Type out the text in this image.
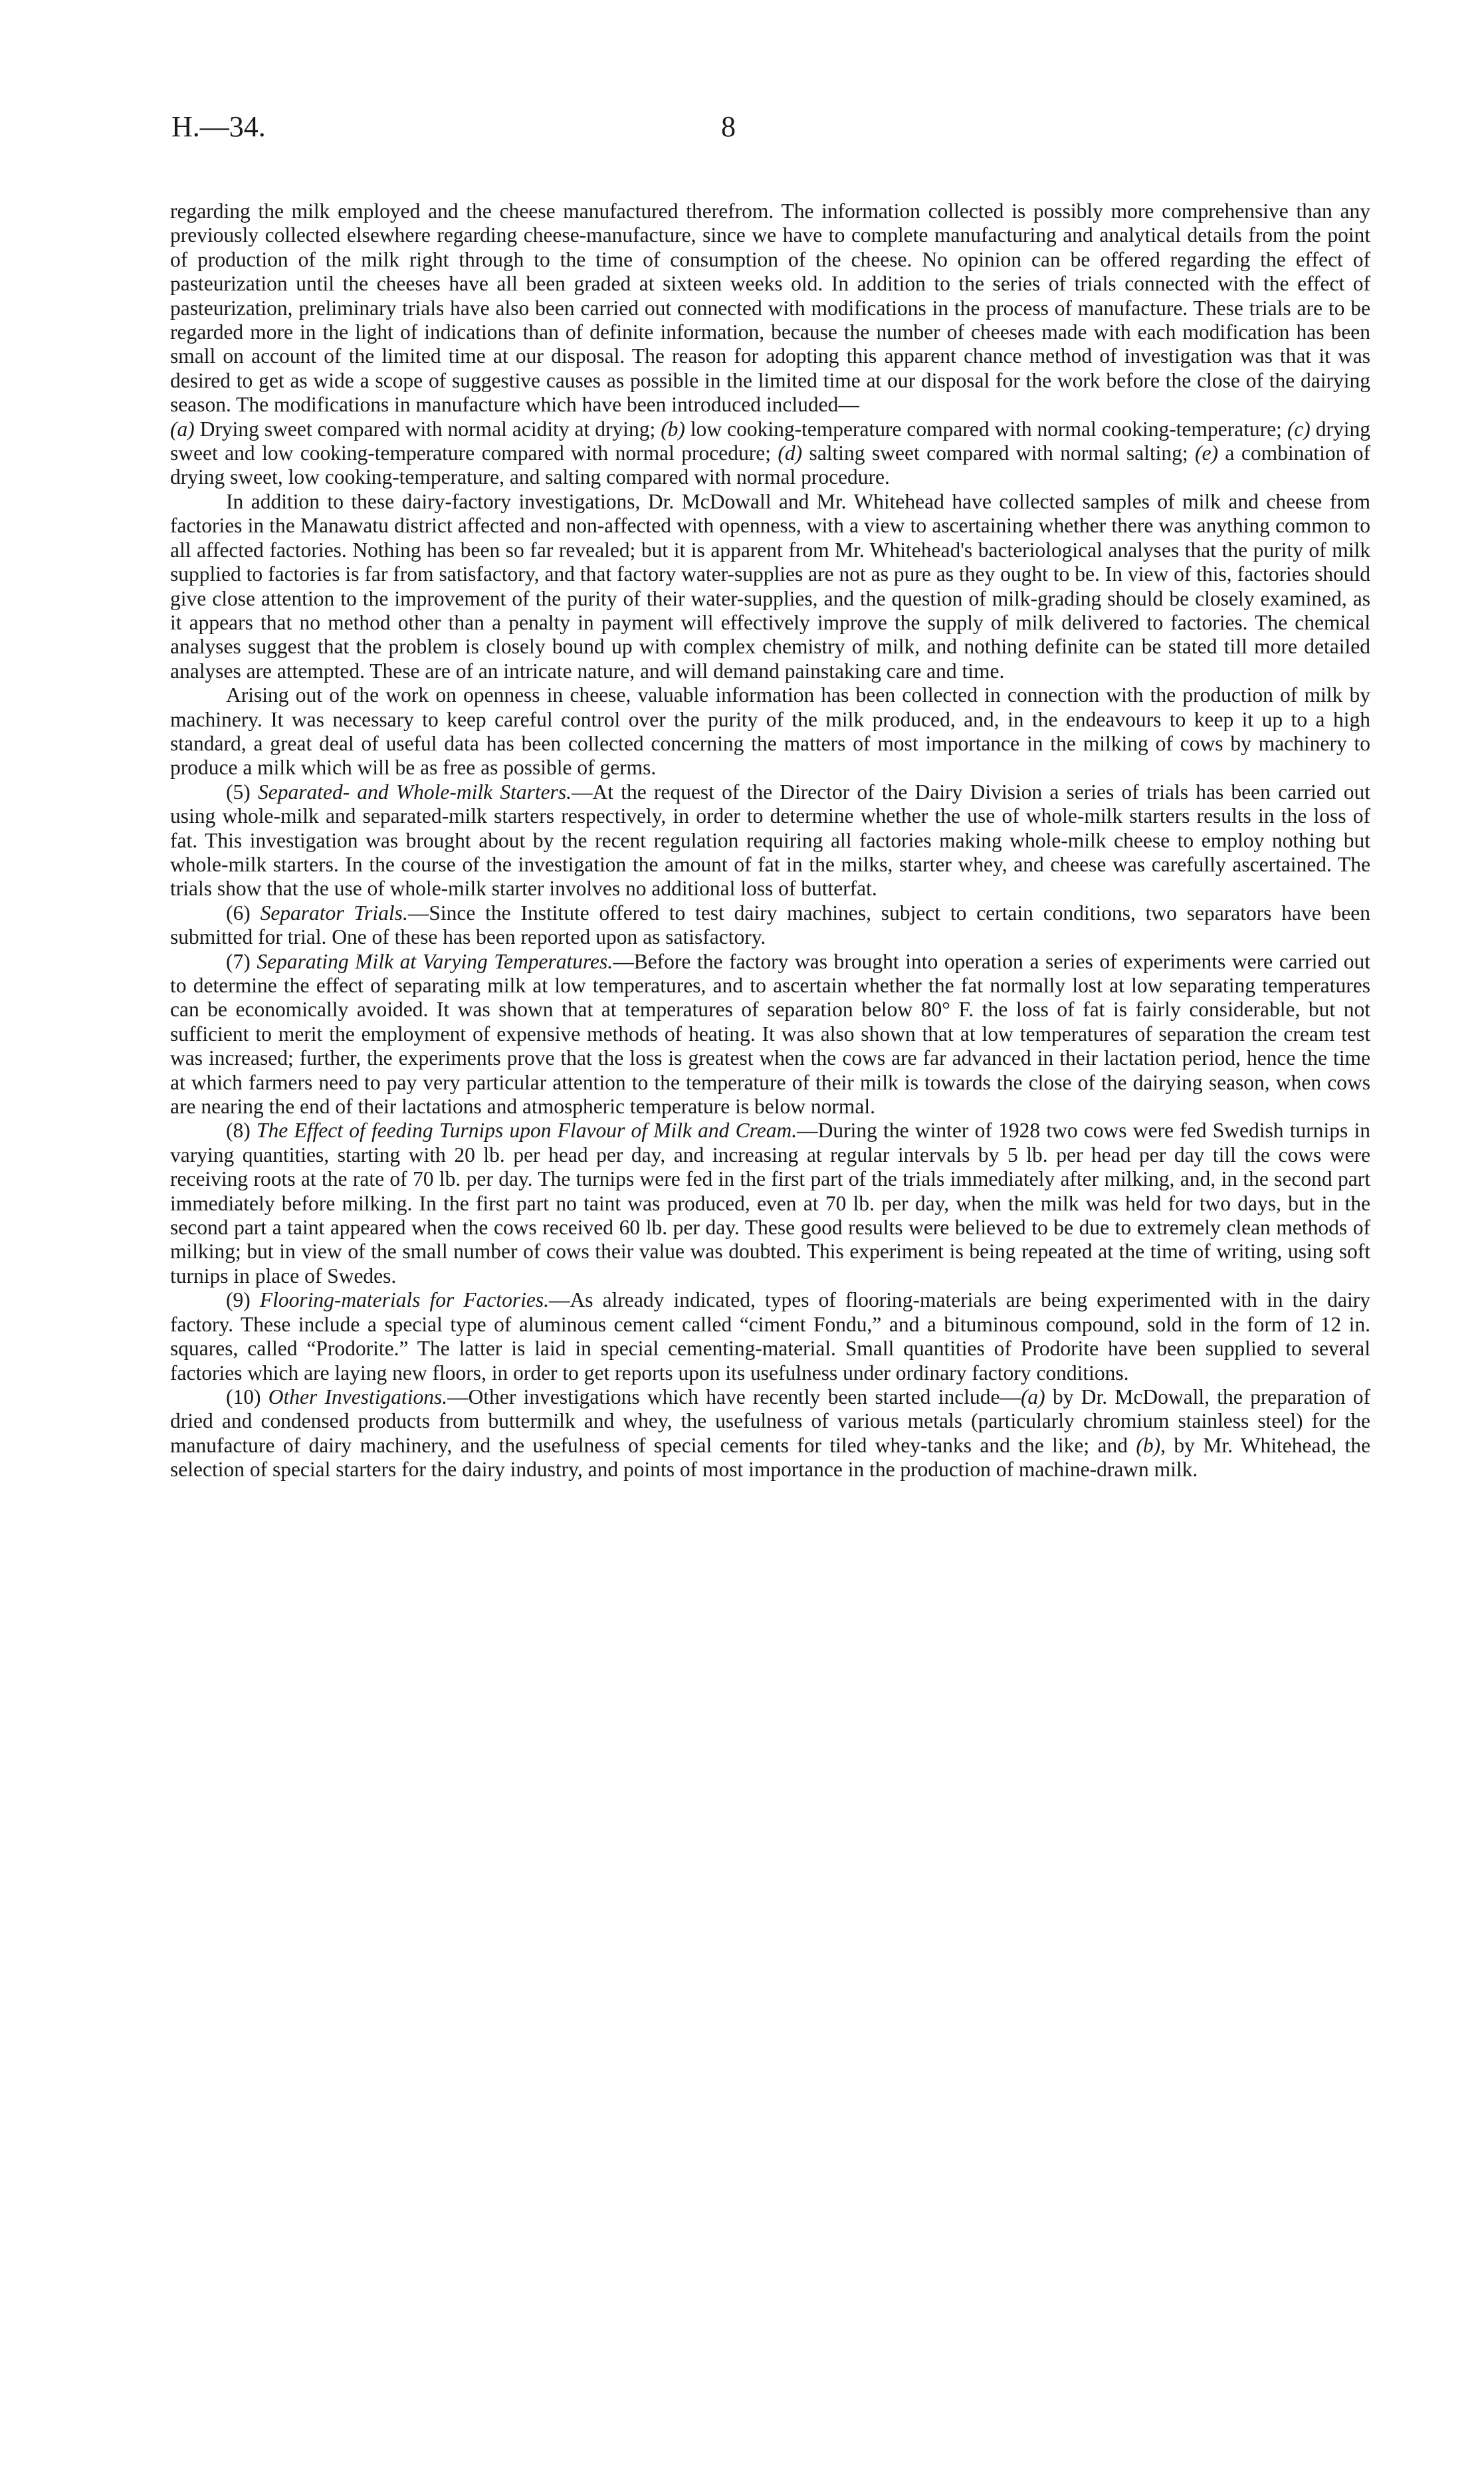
H.—34.	8

regarding the milk employed and the cheese manufactured therefrom. The information collected is possibly more comprehensive than any previously collected elsewhere regarding cheese-manufacture, since we have to complete manufacturing and analytical details from the point of production of the milk right through to the time of consumption of the cheese. No opinion can be offered regarding the effect of pasteurization until the cheeses have all been graded at sixteen weeks old. In addition to the series of trials connected with the effect of pasteurization, preliminary trials have also been carried out connected with modifications in the process of manufacture. These trials are to be regarded more in the light of indications than of definite information, because the number of cheeses made with each modification has been small on account of the limited time at our disposal. The reason for adopting this apparent chance method of investigation was that it was desired to get as wide a scope of suggestive causes as possible in the limited time at our disposal for the work before the close of the dairying season. The modifications in manufacture which have been introduced included—
(a) Drying sweet compared with normal acidity at drying; (b) low cooking-temperature compared with normal cooking-temperature; (c) drying sweet and low cooking-temperature compared with normal procedure; (d) salting sweet compared with normal salting; (e) a combination of drying sweet, low cooking-temperature, and salting compared with normal procedure.

In addition to these dairy-factory investigations, Dr. McDowall and Mr. Whitehead have collected samples of milk and cheese from factories in the Manawatu district affected and non-affected with openness, with a view to ascertaining whether there was anything common to all affected factories. Nothing has been so far revealed; but it is apparent from Mr. Whitehead's bacteriological analyses that the purity of milk supplied to factories is far from satisfactory, and that factory water-supplies are not as pure as they ought to be. In view of this, factories should give close attention to the improvement of the purity of their water-supplies, and the question of milk-grading should be closely examined, as it appears that no method other than a penalty in payment will effectively improve the supply of milk delivered to factories. The chemical analyses suggest that the problem is closely bound up with complex chemistry of milk, and nothing definite can be stated till more detailed analyses are attempted. These are of an intricate nature, and will demand painstaking care and time.

Arising out of the work on openness in cheese, valuable information has been collected in connection with the production of milk by machinery. It was necessary to keep careful control over the purity of the milk produced, and, in the endeavours to keep it up to a high standard, a great deal of useful data has been collected concerning the matters of most importance in the milking of cows by machinery to produce a milk which will be as free as possible of germs.

(5) Separated- and Whole-milk Starters.—At the request of the Director of the Dairy Division a series of trials has been carried out using whole-milk and separated-milk starters respectively, in order to determine whether the use of whole-milk starters results in the loss of fat. This investigation was brought about by the recent regulation requiring all factories making whole-milk cheese to employ nothing but whole-milk starters. In the course of the investigation the amount of fat in the milks, starter whey, and cheese was carefully ascertained. The trials show that the use of whole-milk starter involves no additional loss of butterfat.

(6) Separator Trials.—Since the Institute offered to test dairy machines, subject to certain conditions, two separators have been submitted for trial. One of these has been reported upon as satisfactory.

(7) Separating Milk at Varying Temperatures.—Before the factory was brought into operation a series of experiments were carried out to determine the effect of separating milk at low temperatures, and to ascertain whether the fat normally lost at low separating temperatures can be economically avoided. It was shown that at temperatures of separation below 80° F. the loss of fat is fairly considerable, but not sufficient to merit the employment of expensive methods of heating. It was also shown that at low temperatures of separation the cream test was increased; further, the experiments prove that the loss is greatest when the cows are far advanced in their lactation period, hence the time at which farmers need to pay very particular attention to the temperature of their milk is towards the close of the dairying season, when cows are nearing the end of their lactations and atmospheric temperature is below normal.

(8) The Effect of feeding Turnips upon Flavour of Milk and Cream.—During the winter of 1928 two cows were fed Swedish turnips in varying quantities, starting with 20 lb. per head per day, and increasing at regular intervals by 5 lb. per head per day till the cows were receiving roots at the rate of 70 lb. per day. The turnips were fed in the first part of the trials immediately after milking, and, in the second part immediately before milking. In the first part no taint was produced, even at 70 lb. per day, when the milk was held for two days, but in the second part a taint appeared when the cows received 60 lb. per day. These good results were believed to be due to extremely clean methods of milking; but in view of the small number of cows their value was doubted. This experiment is being repeated at the time of writing, using soft turnips in place of Swedes.

(9) Flooring-materials for Factories.—As already indicated, types of flooring-materials are being experimented with in the dairy factory. These include a special type of aluminous cement called “ciment Fondu,” and a bituminous compound, sold in the form of 12 in. squares, called “Prodorite.” The latter is laid in special cementing-material. Small quantities of Prodorite have been supplied to several factories which are laying new floors, in order to get reports upon its usefulness under ordinary factory conditions.

(10) Other Investigations.—Other investigations which have recently been started include—(a) by Dr. McDowall, the preparation of dried and condensed products from buttermilk and whey, the usefulness of various metals (particularly chromium stainless steel) for the manufacture of dairy machinery, and the usefulness of special cements for tiled whey-tanks and the like; and (b), by Mr. Whitehead, the selection of special starters for the dairy industry, and points of most importance in the production of machine-drawn milk.
